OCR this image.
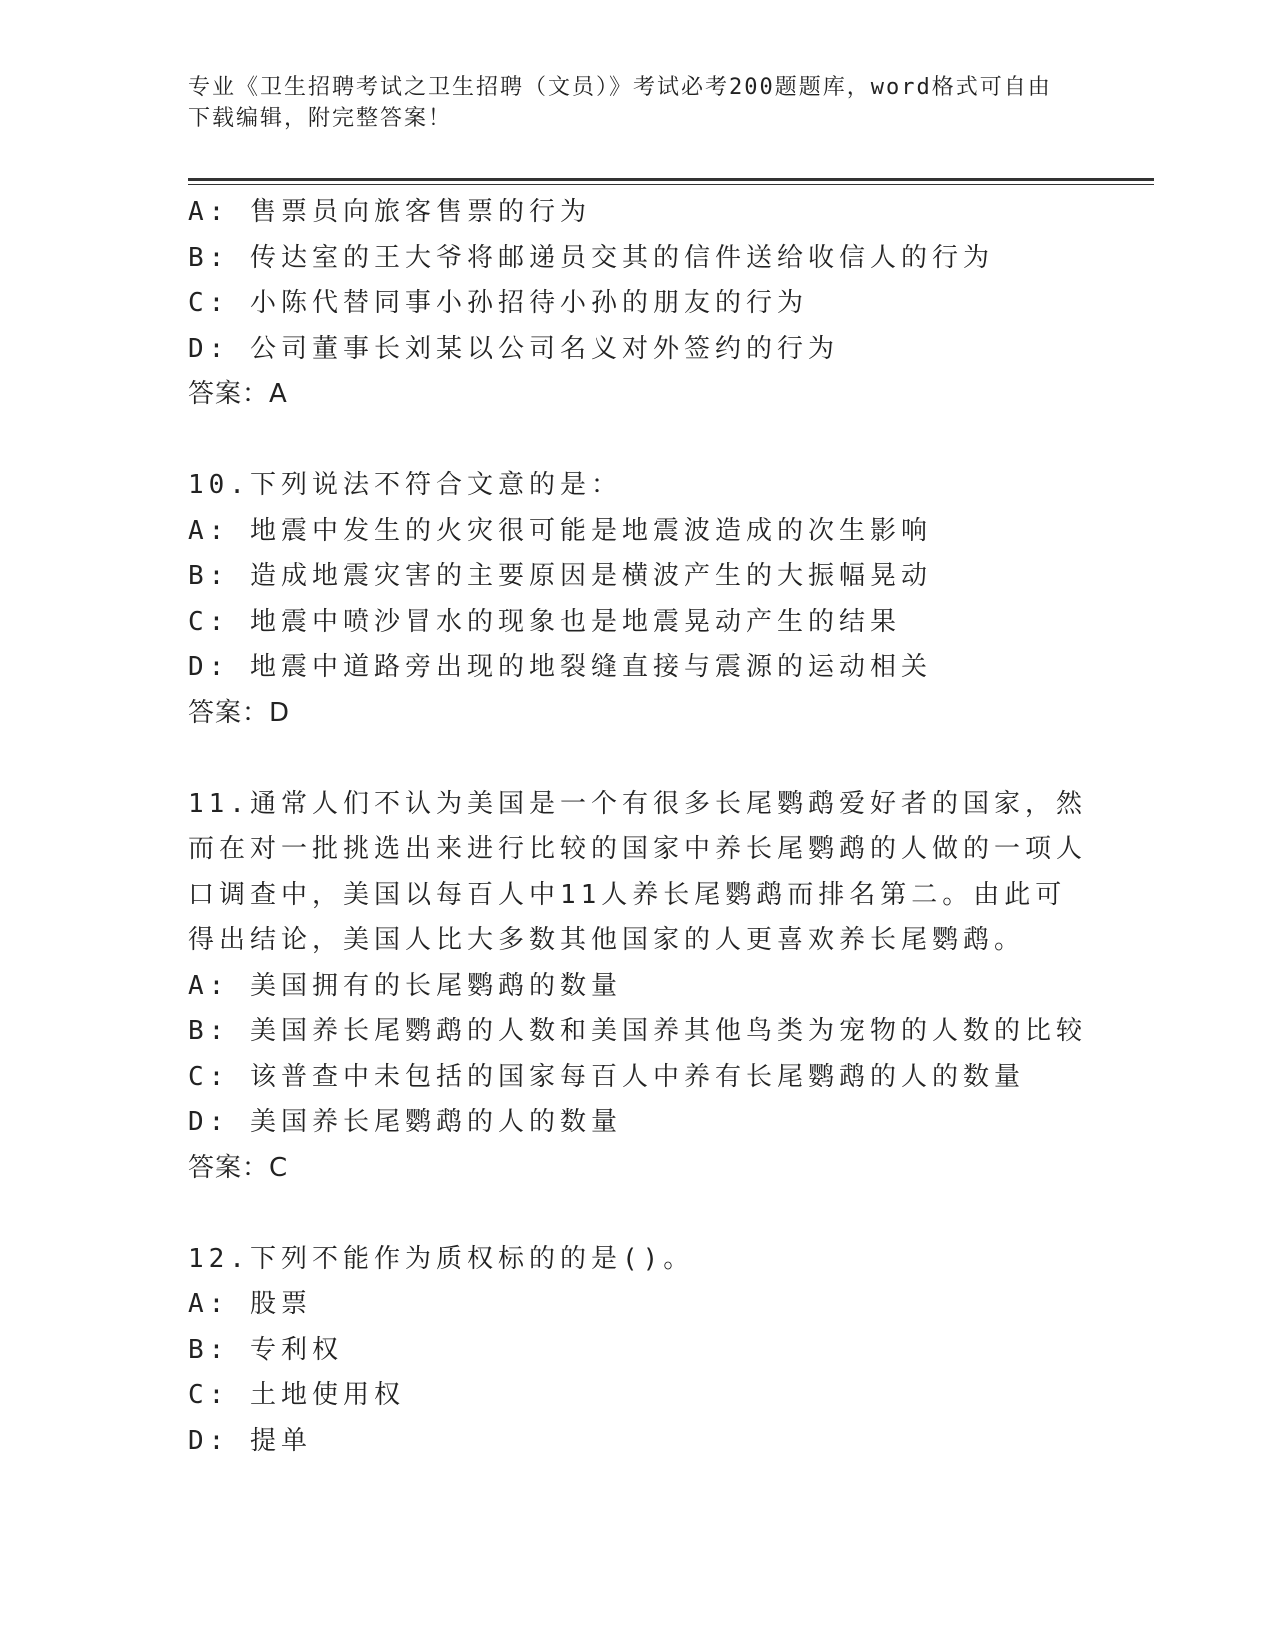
专业《卫生招聘考试之卫生招聘（文员）》考试必考200题题库，word格式可自由下载编辑，附完整答案！
A: 售票员向旅客售票的行为
B: 传达室的王大爷将邮递员交其的信件送给收信人的行为
C: 小陈代替同事小孙招待小孙的朋友的行为
D: 公司董事长刘某以公司名义对外签约的行为
答案：A
10.下列说法不符合文意的是：
A: 地震中发生的火灾很可能是地震波造成的次生影响
B: 造成地震灾害的主要原因是横波产生的大振幅晃动
C: 地震中喷沙冒水的现象也是地震晃动产生的结果
D: 地震中道路旁出现的地裂缝直接与震源的运动相关
答案：D
11.通常人们不认为美国是一个有很多长尾鹦鹉爱好者的国家，然而在对一批挑选出来进行比较的国家中养长尾鹦鹉的人做的一项人口调查中，美国以每百人中11人养长尾鹦鹉而排名第二。由此可得出结论，美国人比大多数其他国家的人更喜欢养长尾鹦鹉。
A: 美国拥有的长尾鹦鹉的数量
B: 美国养长尾鹦鹉的人数和美国养其他鸟类为宠物的人数的比较
C: 该普查中未包括的国家每百人中养有长尾鹦鹉的人的数量
D: 美国养长尾鹦鹉的人的数量
答案：C
12.下列不能作为质权标的的是()。
A: 股票
B: 专利权
C: 土地使用权
D: 提单
